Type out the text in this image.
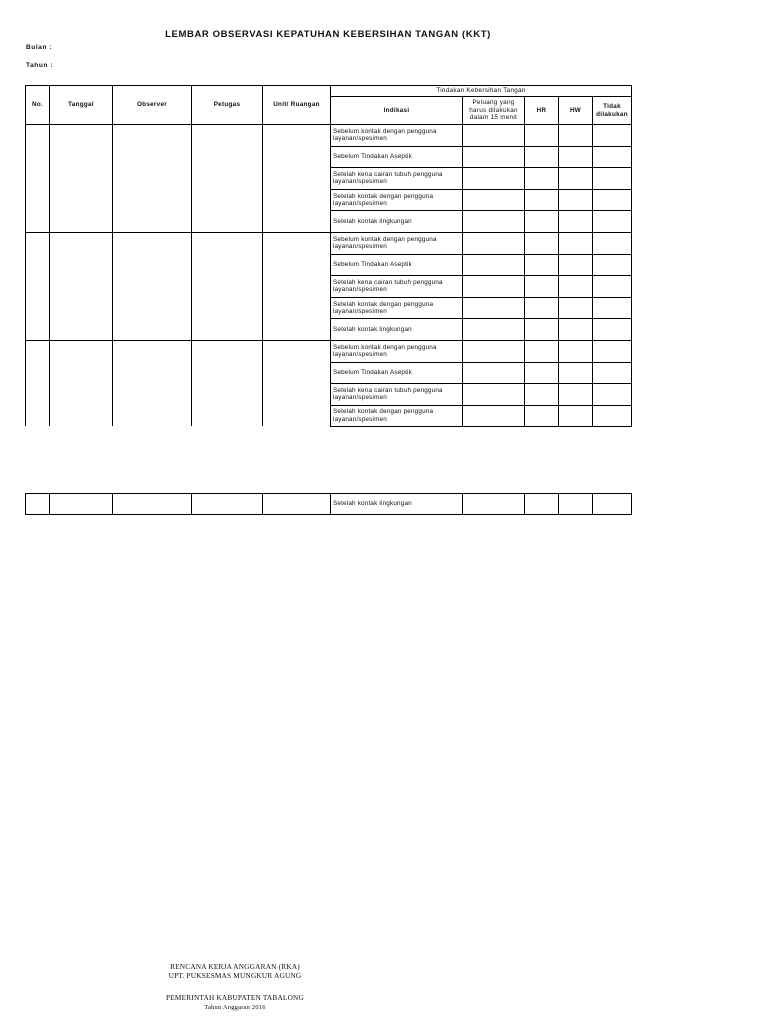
LEMBAR OBSERVASI KEPATUHAN KEBERSIHAN TANGAN (KKT)
Bulan :
Tahun :
No.	Tanggal	Observer	Petugas	Unit/ Ruangan	Tindakan Kebersihan Tangan				
					Indikasi	Peluang yang harus dilakukan dalam 15 menit	HR	HW	Tidak dilakukan
					Sebelum kontak dengan pengguna layanan/spesimen				
					Sebelum Tindakan Aseptik				
					Setelah kena cairan tubuh pengguna layanan/spesimen				
					Setelah kontak dengan pengguna layanan/spesimen				
					Setelah kontak lingkungan				
					Sebelum kontak dengan pengguna layanan/spesimen				
					Sebelum Tindakan Aseptik				
					Setelah kena cairan tubuh pengguna layanan/spesimen				
					Setelah kontak dengan pengguna layanan/spesimen				
					Setelah kontak lingkungan				
					Sebelum kontak dengan pengguna layanan/spesimen				
					Sebelum Tindakan Aseptik				
					Setelah kena cairan tubuh pengguna layanan/spesimen				
					Setelah kontak dengan pengguna layanan/spesimen				
					Setelah kontak lingkungan				
RENCANA KERJA ANGGARAN (RKA)
UPT. PUKSESMAS MUNGKUR AGUNG
PEMERINTAH KABUPATEN TABALONG
Tahun Anggaran 2016
